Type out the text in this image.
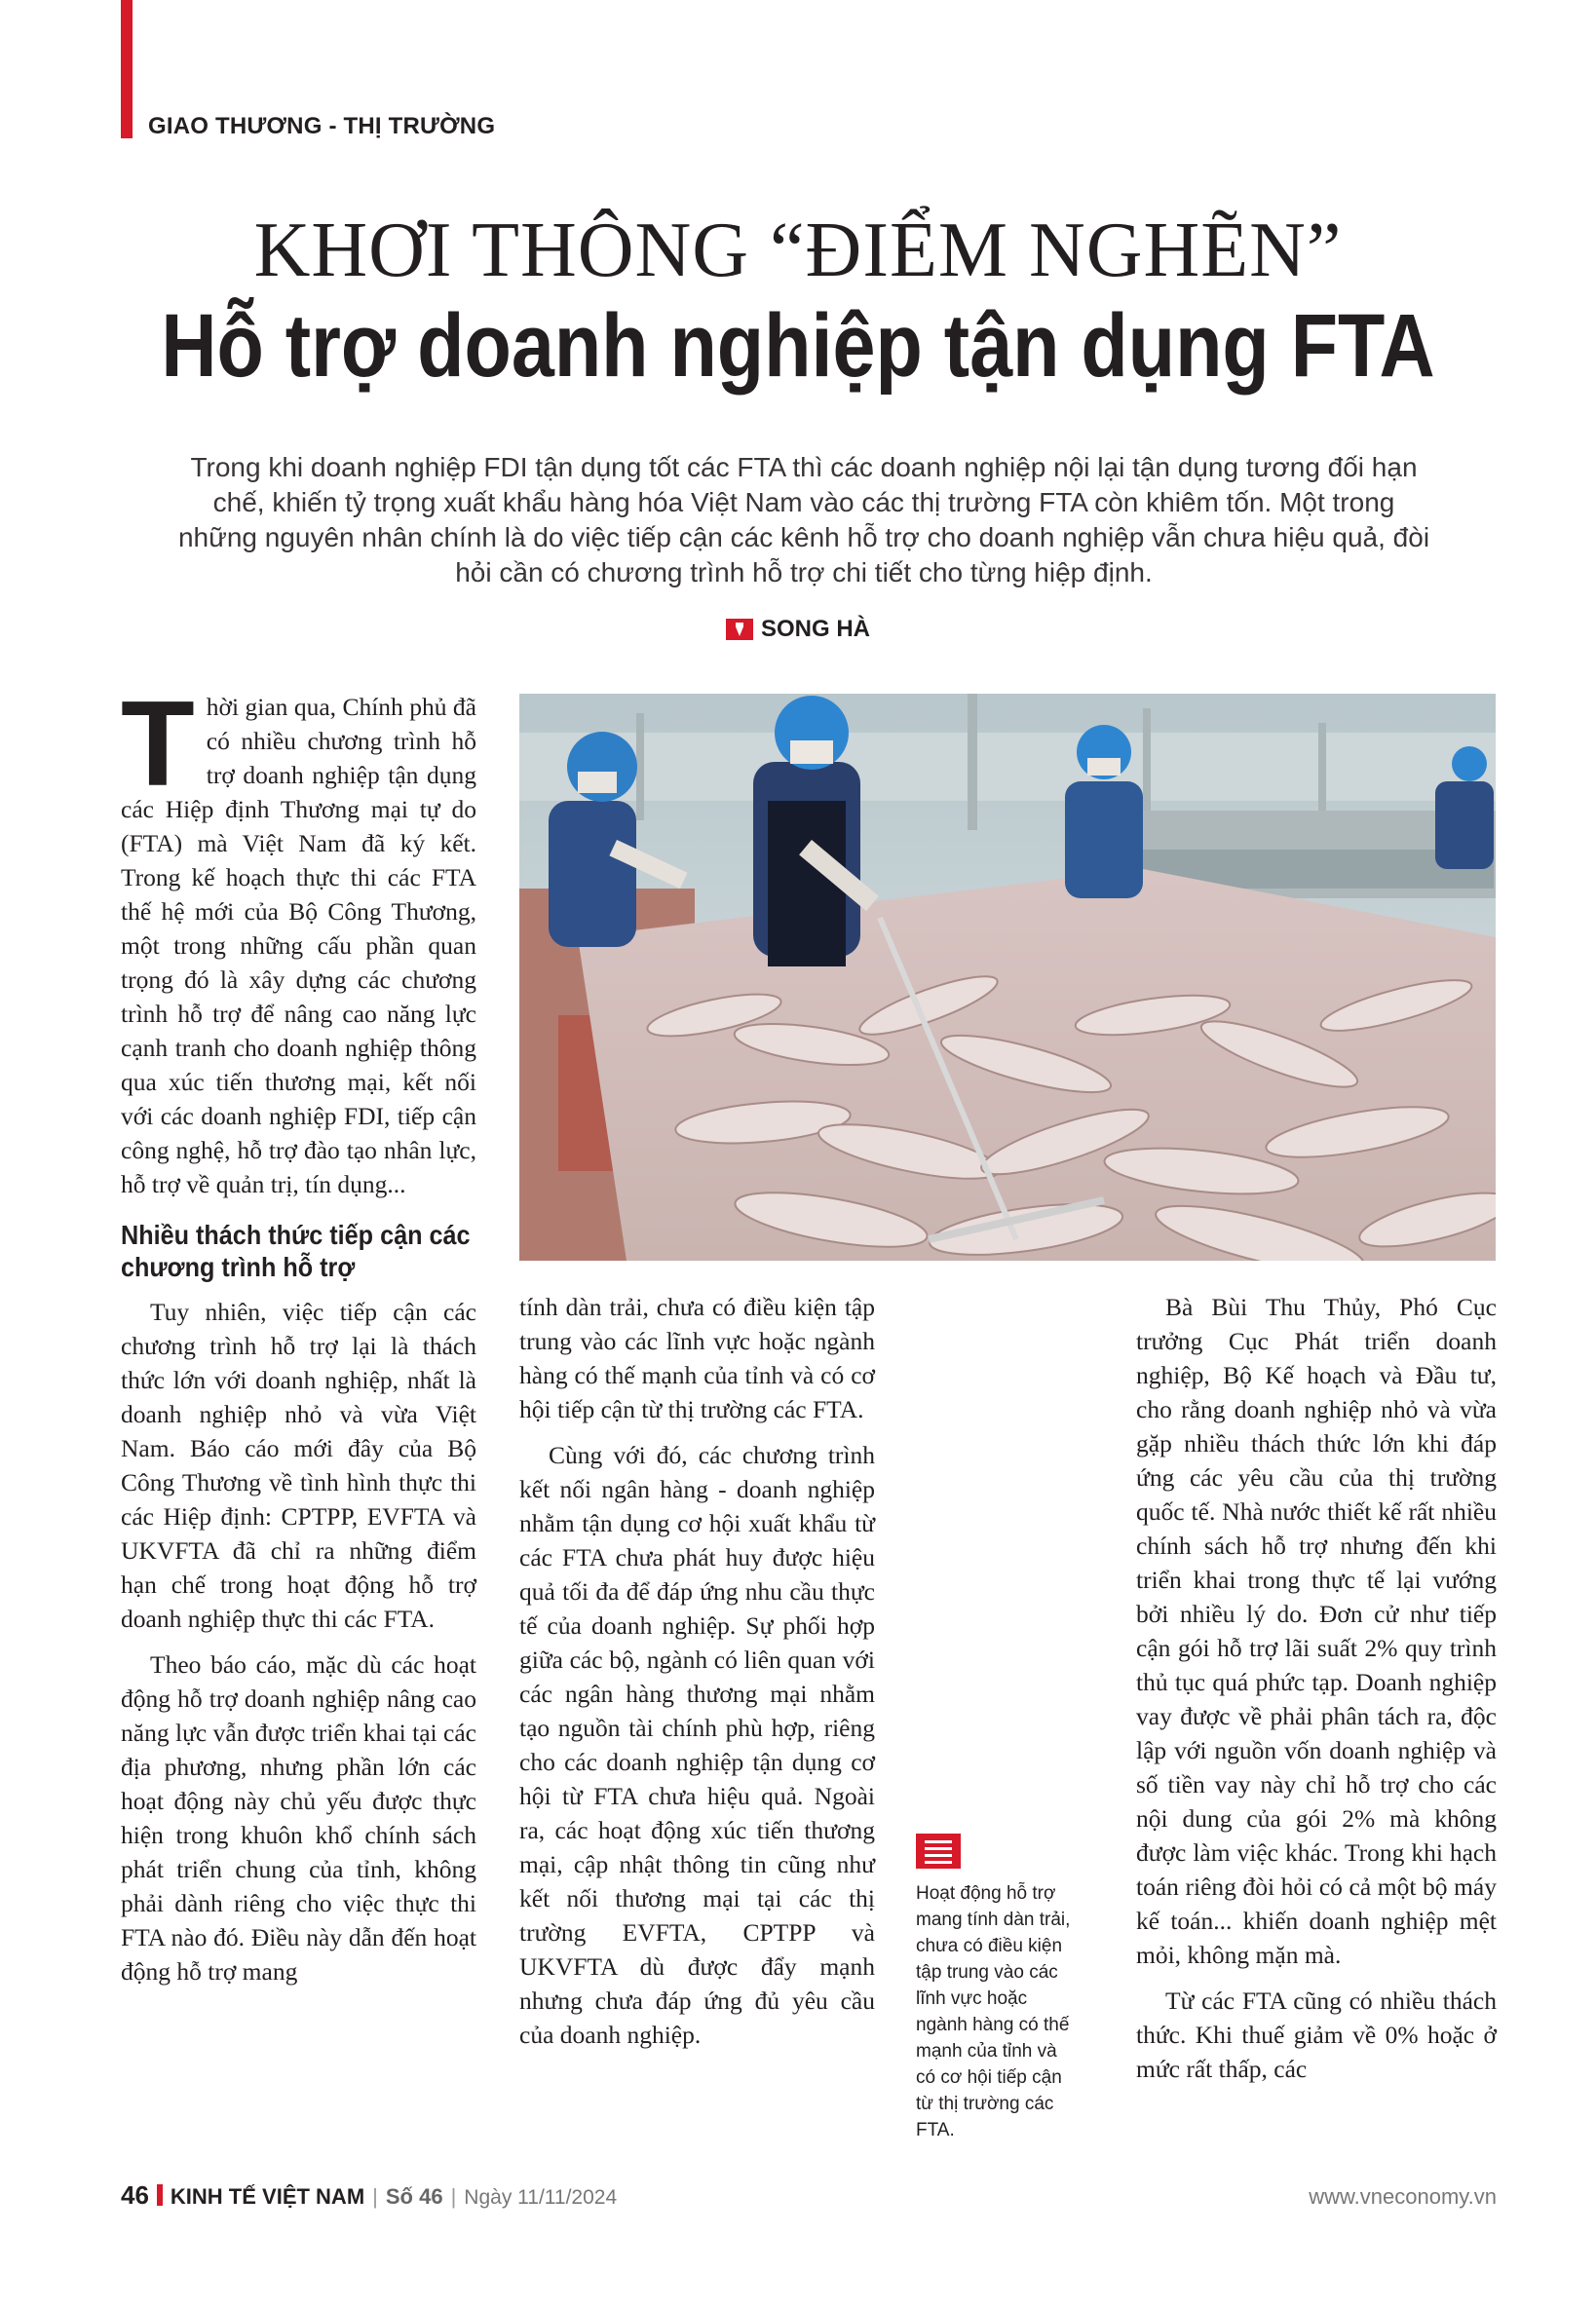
GIAO THƯƠNG - THỊ TRƯỜNG
KHƠI THÔNG “ĐIỂM NGHẼN”
Hỗ trợ doanh nghiệp tận dụng FTA
Trong khi doanh nghiệp FDI tận dụng tốt các FTA thì các doanh nghiệp nội lại tận dụng tương đối hạn chế, khiến tỷ trọng xuất khẩu hàng hóa Việt Nam vào các thị trường FTA còn khiêm tốn. Một trong những nguyên nhân chính là do việc tiếp cận các kênh hỗ trợ cho doanh nghiệp vẫn chưa hiệu quả, đòi hỏi cần có chương trình hỗ trợ chi tiết cho từng hiệp định.
SONG HÀ

Thời gian qua, Chính phủ đã có nhiều chương trình hỗ trợ doanh nghiệp tận dụng các Hiệp định Thương mại tự do (FTA) mà Việt Nam đã ký kết. Trong kế hoạch thực thi các FTA thế hệ mới của Bộ Công Thương, một trong những cấu phần quan trọng đó là xây dựng các chương trình hỗ trợ để nâng cao năng lực cạnh tranh cho doanh nghiệp thông qua xúc tiến thương mại, kết nối với các doanh nghiệp FDI, tiếp cận công nghệ, hỗ trợ đào tạo nhân lực, hỗ trợ về quản trị, tín dụng...

Nhiều thách thức tiếp cận các chương trình hỗ trợ

Tuy nhiên, việc tiếp cận các chương trình hỗ trợ lại là thách thức lớn với doanh nghiệp, nhất là doanh nghiệp nhỏ và vừa Việt Nam. Báo cáo mới đây của Bộ Công Thương về tình hình thực thi các Hiệp định: CPTPP, EVFTA và UKVFTA đã chỉ ra những điểm hạn chế trong hoạt động hỗ trợ doanh nghiệp thực thi các FTA.

Theo báo cáo, mặc dù các hoạt động hỗ trợ doanh nghiệp nâng cao năng lực vẫn được triển khai tại các địa phương, nhưng phần lớn các hoạt động này chủ yếu được thực hiện trong khuôn khổ chính sách phát triển chung của tỉnh, không phải dành riêng cho việc thực thi FTA nào đó. Điều này dẫn đến hoạt động hỗ trợ mang

tính dàn trải, chưa có điều kiện tập trung vào các lĩnh vực hoặc ngành hàng có thế mạnh của tỉnh và có cơ hội tiếp cận từ thị trường các FTA.

Cùng với đó, các chương trình kết nối ngân hàng - doanh nghiệp nhằm tận dụng cơ hội xuất khẩu từ các FTA chưa phát huy được hiệu quả tối đa để đáp ứng nhu cầu thực tế của doanh nghiệp. Sự phối hợp giữa các bộ, ngành có liên quan với các ngân hàng thương mại nhằm tạo nguồn tài chính phù hợp, riêng cho các doanh nghiệp tận dụng cơ hội từ FTA chưa hiệu quả. Ngoài ra, các hoạt động xúc tiến thương mại, cập nhật thông tin cũng như kết nối thương mại tại các thị trường EVFTA, CPTPP và UKVFTA dù được đẩy mạnh nhưng chưa đáp ứng đủ yêu cầu của doanh nghiệp.

Hoạt động hỗ trợ mang tính dàn trải, chưa có điều kiện tập trung vào các lĩnh vực hoặc ngành hàng có thế mạnh của tỉnh và có cơ hội tiếp cận từ thị trường các FTA.

Bà Bùi Thu Thủy, Phó Cục trưởng Cục Phát triển doanh nghiệp, Bộ Kế hoạch và Đầu tư, cho rằng doanh nghiệp nhỏ và vừa gặp nhiều thách thức lớn khi đáp ứng các yêu cầu của thị trường quốc tế. Nhà nước thiết kế rất nhiều chính sách hỗ trợ nhưng đến khi triển khai trong thực tế lại vướng bởi nhiều lý do. Đơn cử như tiếp cận gói hỗ trợ lãi suất 2% quy trình thủ tục quá phức tạp. Doanh nghiệp vay được về phải phân tách ra, độc lập với nguồn vốn doanh nghiệp và số tiền vay này chỉ hỗ trợ cho các nội dung của gói 2% mà không được làm việc khác. Trong khi hạch toán riêng đòi hỏi có cả một bộ máy kế toán... khiến doanh nghiệp mệt mỏi, không mặn mà.

Từ các FTA cũng có nhiều thách thức. Khi thuế giảm về 0% hoặc ở mức rất thấp, các

46 KINH TẾ VIỆT NAM | Số 46 | Ngày 11/11/2024	www.vneconomy.vn
